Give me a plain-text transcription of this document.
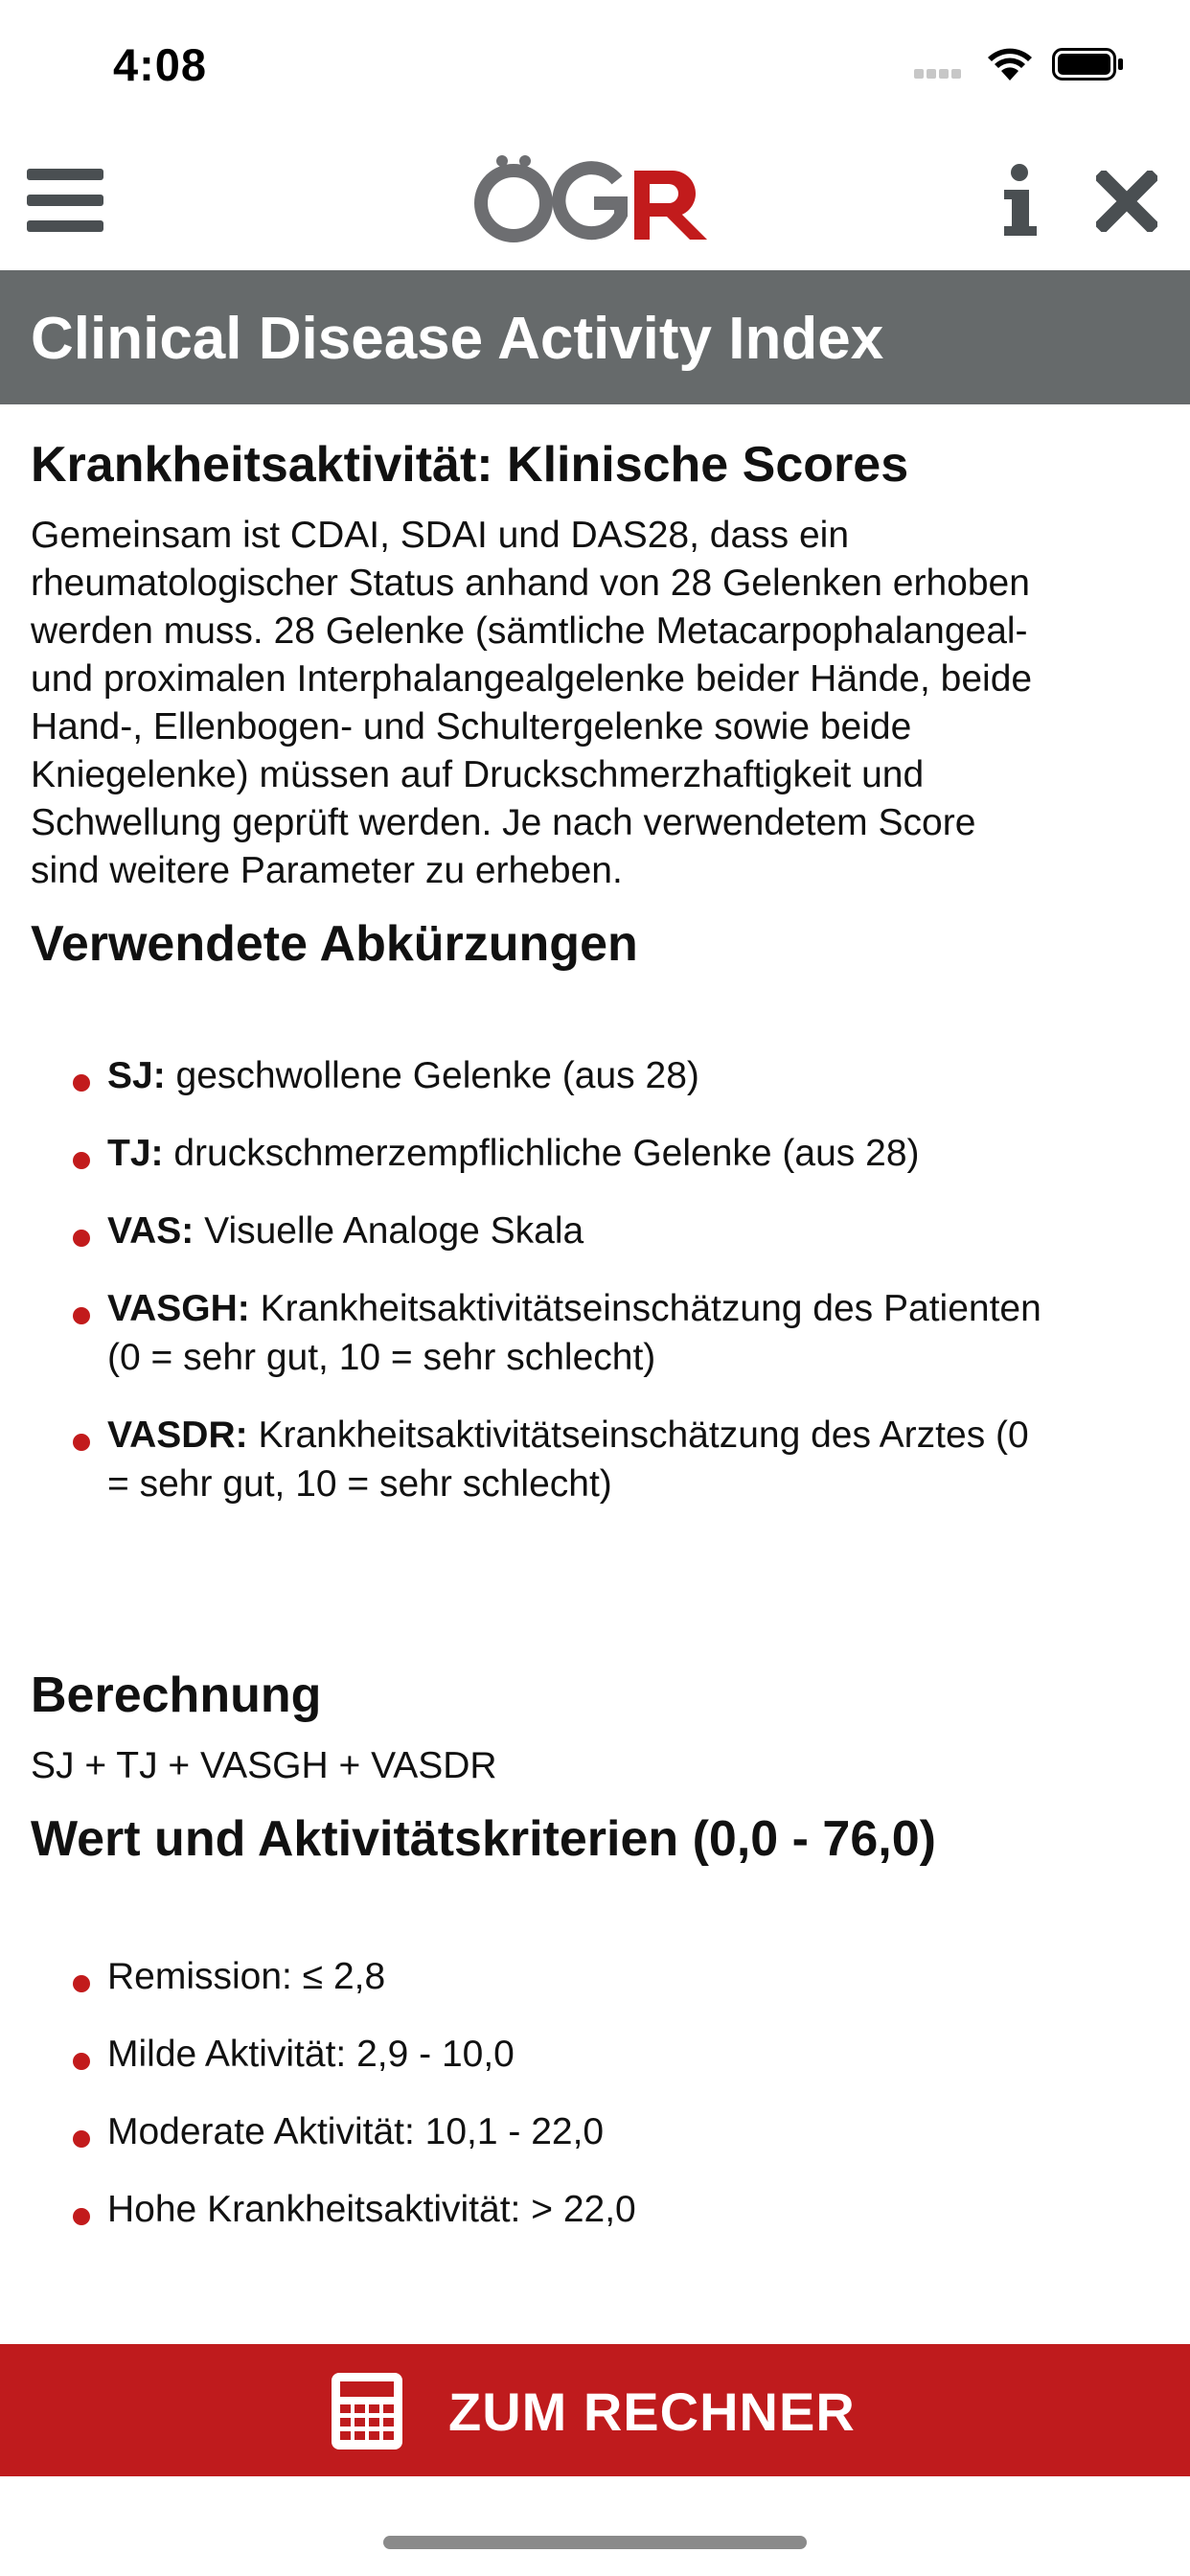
4:08
Clinical Disease Activity Index
Krankheitsaktivität: Klinische Scores

Gemeinsam ist CDAI, SDAI und DAS28, dass ein
rheumatologischer Status anhand von 28 Gelenken erhoben
werden muss. 28 Gelenke (sämtliche Metacarpophalangeal-
und proximalen Interphalangealgelenke beider Hände, beide
Hand-, Ellenbogen- und Schultergelenke sowie beide
Kniegelenke) müssen auf Druckschmerzhaftigkeit und
Schwellung geprüft werden. Je nach verwendetem Score
sind weitere Parameter zu erheben.

Verwendete Abkürzungen
SJ: geschwollene Gelenke (aus 28)
TJ: druckschmerzempflichliche Gelenke (aus 28)
VAS: Visuelle Analoge Skala
VASGH: Krankheitsaktivitätseinschätzung des Patienten
(0 = sehr gut, 10 = sehr schlecht)
VASDR: Krankheitsaktivitätseinschätzung des Arztes (0
= sehr gut, 10 = sehr schlecht)
Berechnung

SJ + TJ + VASGH + VASDR

Wert und Aktivitätskriterien (0,0 - 76,0)
Remission: ≤ 2,8
Milde Aktivität: 2,9 - 10,0
Moderate Aktivität: 10,1 - 22,0
Hohe Krankheitsaktivität: > 22,0
ZUM RECHNER
